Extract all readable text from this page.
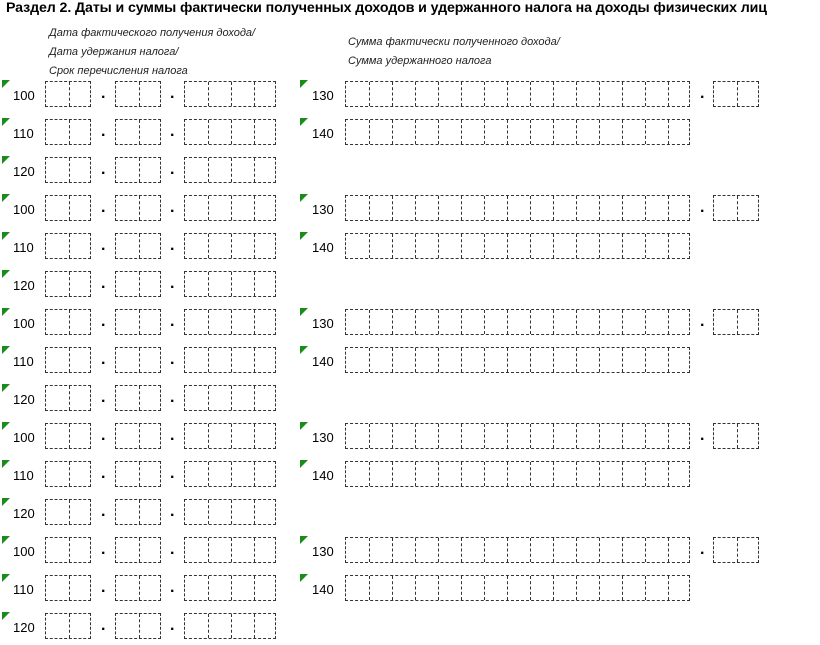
Раздел 2. Даты и суммы фактически полученных доходов и удержанного налога на доходы физических лиц
Дата фактического получения дохода/
Дата удержания налога/
Срок перечисления налога
Сумма фактически полученного дохода/
Сумма удержанного налога
100	.	.	130	.
110	.	.	140
120	.	.
100	.	.	130	.
110	.	.	140
120	.	.
100	.	.	130	.
110	.	.	140
120	.	.
100	.	.	130	.
110	.	.	140
120	.	.
100	.	.	130	.
110	.	.	140
120	.	.
